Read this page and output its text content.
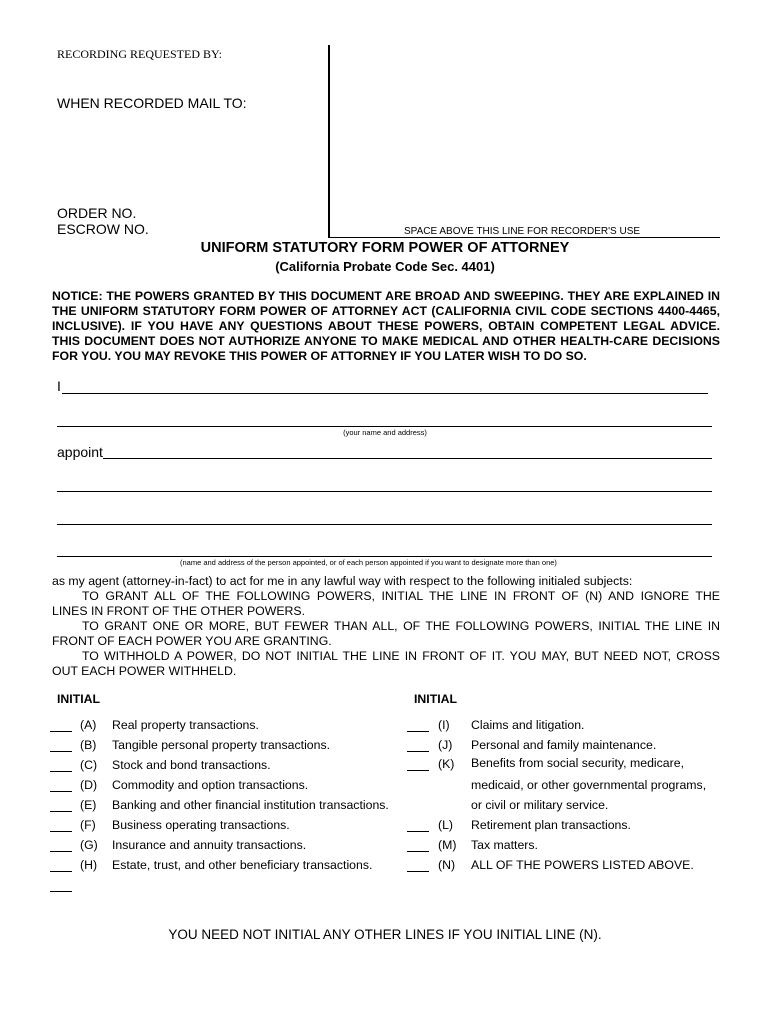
RECORDING REQUESTED BY:
WHEN RECORDED MAIL TO:
ORDER NO.
ESCROW NO.	SPACE ABOVE THIS LINE FOR RECORDER'S USE
UNIFORM STATUTORY FORM POWER OF ATTORNEY
(California Probate Code Sec. 4401)
NOTICE: THE POWERS GRANTED BY THIS DOCUMENT ARE BROAD AND SWEEPING. THEY ARE EXPLAINED IN THE UNIFORM STATUTORY FORM POWER OF ATTORNEY ACT (CALIFORNIA CIVIL CODE SECTIONS 4400-4465, INCLUSIVE). IF YOU HAVE ANY QUESTIONS ABOUT THESE POWERS, OBTAIN COMPETENT LEGAL ADVICE. THIS DOCUMENT DOES NOT AUTHORIZE ANYONE TO MAKE MEDICAL AND OTHER HEALTH-CARE DECISIONS FOR YOU. YOU MAY REVOKE THIS POWER OF ATTORNEY IF YOU LATER WISH TO DO SO.
I
(your name and address)
appoint
(name and address of the person appointed, or of each person appointed if you want to designate more than one)
as my agent (attorney-in-fact) to act for me in any lawful way with respect to the following initialed subjects:
TO GRANT ALL OF THE FOLLOWING POWERS, INITIAL THE LINE IN FRONT OF (N) AND IGNORE THE
LINES IN FRONT OF THE OTHER POWERS.
TO GRANT ONE OR MORE, BUT FEWER THAN ALL, OF THE FOLLOWING POWERS, INITIAL THE LINE IN
FRONT OF EACH POWER YOU ARE GRANTING.
TO WITHHOLD A POWER, DO NOT INITIAL THE LINE IN FRONT OF IT. YOU MAY, BUT NEED NOT, CROSS
OUT EACH POWER WITHHELD.
INITIAL	INITIAL
(A) Real property transactions.
(B) Tangible personal property transactions.
(C) Stock and bond transactions.
(D) Commodity and option transactions.
(E) Banking and other financial institution transactions.
(F) Business operating transactions.
(G) Insurance and annuity transactions.
(H) Estate, trust, and other beneficiary transactions.
(I) Claims and litigation.
(J) Personal and family maintenance.
(K) Benefits from social security, medicare,
medicaid, or other governmental programs,
or civil or military service.
(L) Retirement plan transactions.
(M) Tax matters.
(N) ALL OF THE POWERS LISTED ABOVE.
YOU NEED NOT INITIAL ANY OTHER LINES IF YOU INITIAL LINE (N).
